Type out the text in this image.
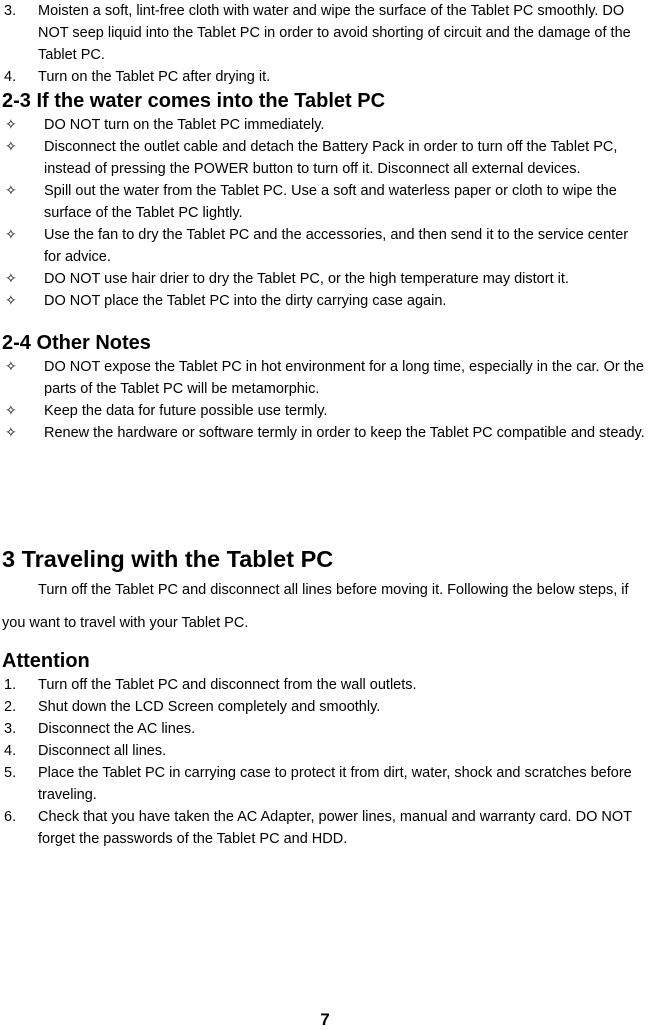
3. Moisten a soft, lint-free cloth with water and wipe the surface of the Tablet PC smoothly. DO NOT seep liquid into the Tablet PC in order to avoid shorting of circuit and the damage of the Tablet PC.
4. Turn on the Tablet PC after drying it.
2-3 If the water comes into the Tablet PC
✧ DO NOT turn on the Tablet PC immediately.
✧ Disconnect the outlet cable and detach the Battery Pack in order to turn off the Tablet PC, instead of pressing the POWER button to turn off it. Disconnect all external devices.
✧ Spill out the water from the Tablet PC. Use a soft and waterless paper or cloth to wipe the surface of the Tablet PC lightly.
✧ Use the fan to dry the Tablet PC and the accessories, and then send it to the service center for advice.
✧ DO NOT use hair drier to dry the Tablet PC, or the high temperature may distort it.
✧ DO NOT place the Tablet PC into the dirty carrying case again.
2-4 Other Notes
✧ DO NOT expose the Tablet PC in hot environment for a long time, especially in the car. Or the parts of the Tablet PC will be metamorphic.
✧ Keep the data for future possible use termly.
✧ Renew the hardware or software termly in order to keep the Tablet PC compatible and steady.
3 Traveling with the Tablet PC
Turn off the Tablet PC and disconnect all lines before moving it. Following the below steps, if you want to travel with your Tablet PC.
Attention
1. Turn off the Tablet PC and disconnect from the wall outlets.
2. Shut down the LCD Screen completely and smoothly.
3. Disconnect the AC lines.
4. Disconnect all lines.
5. Place the Tablet PC in carrying case to protect it from dirt, water, shock and scratches before traveling.
6. Check that you have taken the AC Adapter, power lines, manual and warranty card. DO NOT forget the passwords of the Tablet PC and HDD.
7
